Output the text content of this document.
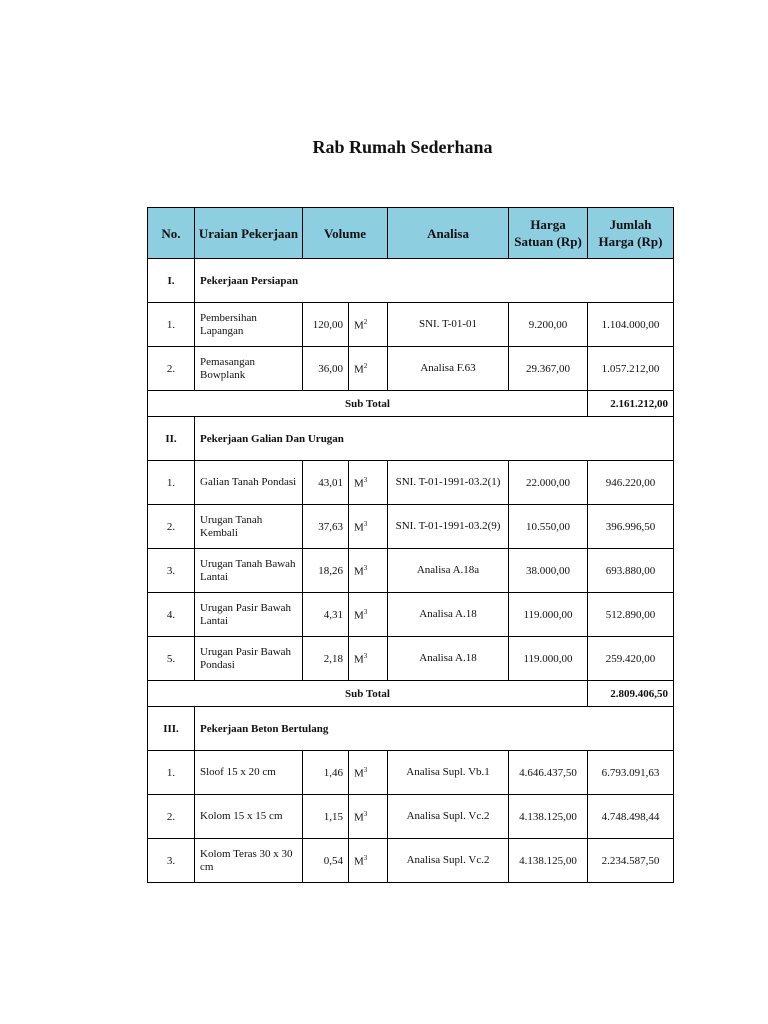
Rab Rumah Sederhana
No.	Uraian Pekerjaan	Volume		Analisa	Harga Satuan (Rp)	Jumlah Harga (Rp)
I.	Pekerjaan Persiapan					
1.	Pembersihan Lapangan	120,00	$M^2$	SNI. T-01-01	9.200,00	1.104.000,00
2.	Pemasangan Bowplank	36,00	$M^2$	Analisa F.63	29.367,00	1.057.212,00
Sub Total						2.161.212,00
II.	Pekerjaan Galian Dan Urugan					
1.	Galian Tanah Pondasi	43,01	$M^3$	SNI. T-01-1991-03.2(1)	22.000,00	946.220,00
2.	Urugan Tanah Kembali	37,63	$M^3$	SNI. T-01-1991-03.2(9)	10.550,00	396.996,50
3.	Urugan Tanah Bawah Lantai	18,26	$M^3$	Analisa A.18a	38.000,00	693.880,00
4.	Urugan Pasir Bawah Lantai	4,31	$M^3$	Analisa A.18	119.000,00	512.890,00
5.	Urugan Pasir Bawah Pondasi	2,18	$M^3$	Analisa A.18	119.000,00	259.420,00
Sub Total						2.809.406,50
III.	Pekerjaan Beton Bertulang					
1.	Sloof 15 x 20 cm	1,46	$M^3$	Analisa Supl. Vb.1	4.646.437,50	6.793.091,63
2.	Kolom 15 x 15 cm	1,15	$M^3$	Analisa Supl. Vc.2	4.138.125,00	4.748.498,44
3.	Kolom Teras 30 x 30 cm	0,54	$M^3$	Analisa Supl. Vc.2	4.138.125,00	2.234.587,50
